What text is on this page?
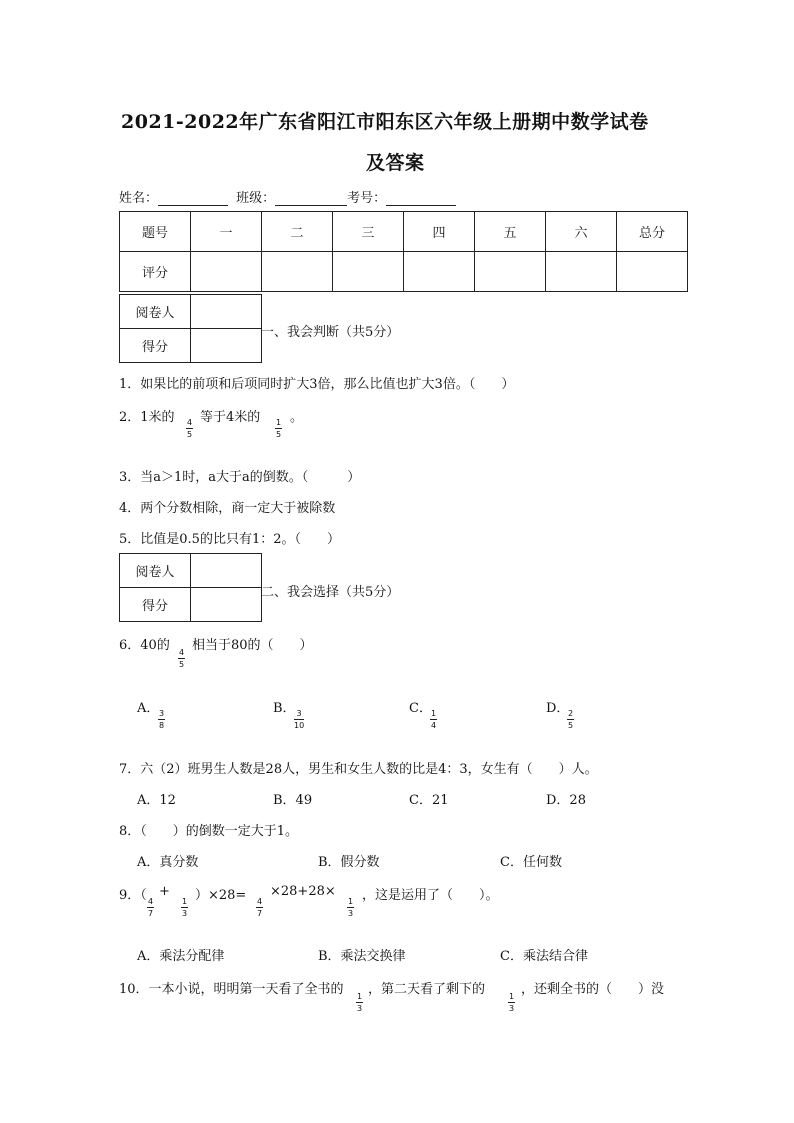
2021-2022年广东省阳江市阳东区六年级上册期中数学试卷
及答案
姓名：	班级：	考号：
题号	一	二	三	四	五	六	总分
评分							
阅卷人	
得分	
一、我会判断（共5分）
1．如果比的前项和后项同时扩大3倍，那么比值也扩大3倍。（　　）
2．1米的 4
5
等于4米的 1
5
。
3．当a＞1时，a大于a的倒数。（　　　）
4．两个分数相除，商一定大于被除数
5．比值是0.5的比只有1：2。（　　）
阅卷人	
得分	
二、我会选择（共5分）
6．40的 4
5
相当于80的（　　）
A． 3
8
B． 3
10
C． 1
4
D．
2
5
7．六（2）班男生人数是28人，男生和女生人数的比是4：3，女生有（　　）人。
A．12	B．49	C．21	D．28
8．（　　）的倒数一定大于1。
A．真分数	B．假分数	C．任何数
9．（ 4
7
+
1
3
）×28= 4
7
×28+28×
1
3
，这是运用了（　　）。
A．乘法分配律	B．乘法交换律	C．乘法结合律
10．一本小说，明明第一天看了全书的 1
3
，第二天看了剩下的	1
3
，还剩全书的（　　）没
